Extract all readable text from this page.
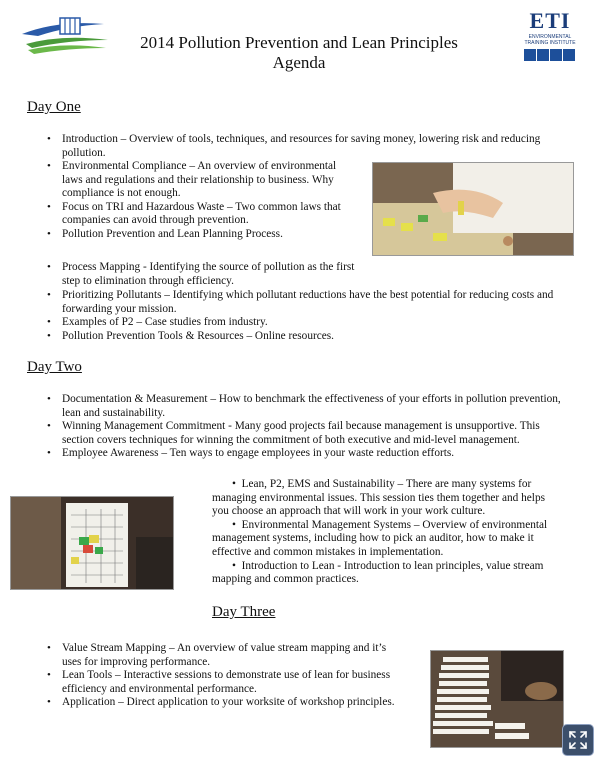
2014 Pollution Prevention and Lean Principles
Agenda
ETI
ENVIRONMENTAL
TRAINING INSTITUTE
Day One
• Introduction – Overview of tools, techniques, and resources for saving money, lowering risk and reducing pollution.
• Environmental Compliance – An overview of environmental laws and regulations and their relationship to business. Why compliance is not enough.
• Focus on TRI and Hazardous Waste – Two common laws that companies can avoid through prevention.
• Pollution Prevention and Lean Planning Process.
• Process Mapping - Identifying the source of pollution as the first step to elimination through efficiency.
• Prioritizing Pollutants – Identifying which pollutant reductions have the best potential for reducing costs and forwarding your mission.
• Examples of P2 – Case studies from industry.
• Pollution Prevention Tools & Resources – Online resources.
Day Two
• Documentation & Measurement – How to benchmark the effectiveness of your efforts in pollution prevention, lean and sustainability.
• Winning Management Commitment - Many good projects fail because management is unsupportive. This section covers techniques for winning the commitment of both executive and mid-level management.
• Employee Awareness – Ten ways to engage employees in your waste reduction efforts.
•  Lean, P2, EMS and Sustainability – There are many systems for managing environmental issues. This session ties them together and helps you choose an approach that will work in your work culture.
•  Environmental Management Systems – Overview of environmental management systems, including how to pick an auditor, how to make it effective and common mistakes in implementation.
•  Introduction to Lean - Introduction to lean principles, value stream mapping and common practices.
Day Three
• Value Stream Mapping – An overview of value stream mapping and it’s uses for improving performance.
• Lean Tools – Interactive sessions to demonstrate use of lean for business efficiency and environmental performance.
• Application – Direct application to your worksite of workshop principles.
